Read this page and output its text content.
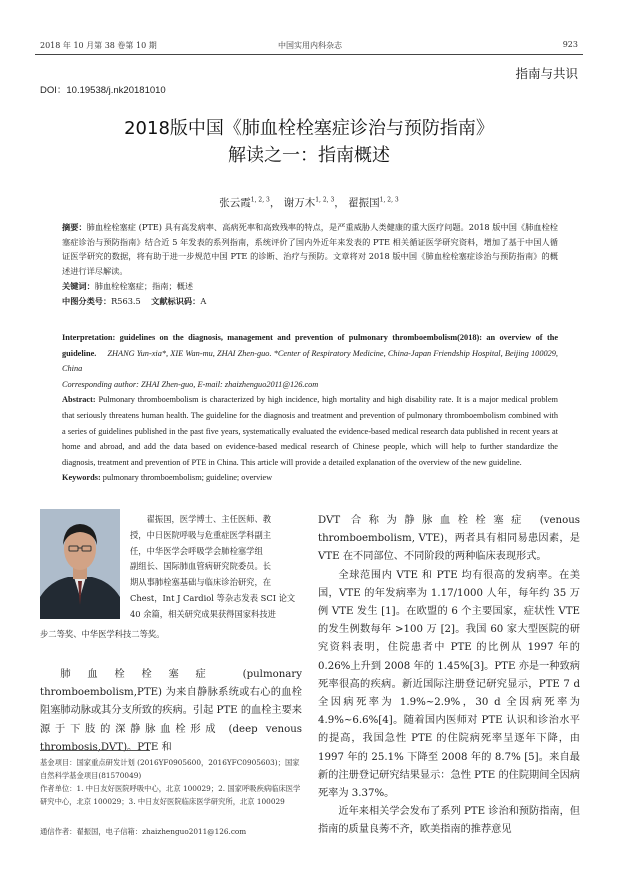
2018 年 10 月第 38 卷第 10 期	中国实用内科杂志	923
指南与共识
DOI：10.19538/j.nk20181010
2018版中国《肺血栓栓塞症诊治与预防指南》
解读之一：指南概述
张云霞$^{1, 2, 3}$， 谢万木$^{1, 2, 3}$， 翟振国$^{1, 2, 3}$
摘要：肺血栓栓塞症 (PTE) 具有高发病率、高病死率和高致残率的特点，是严重威胁人类健康的重大医疗问题。2018 版中国《肺血栓栓塞症诊治与预防指南》结合近 5 年发表的系列指南，系统评价了国内外近年来发表的 PTE 相关循证医学研究资料，增加了基于中国人循证医学研究的数据，将有助于进一步规范中国 PTE 的诊断、治疗与预防。文章将对 2018 版中国《肺血栓栓塞症诊治与预防指南》的概述进行详尽解读。
关键词：肺血栓栓塞症；指南；概述
中图分类号：R563.5 文献标识码：A
Interpretation: guidelines on the diagnosis, management and prevention of pulmonary thromboembolism(2018): an overview of the guideline. ZHANG Yun-xia*, XIE Wan-mu, ZHAI Zhen-guo. *Center of Respiratory Medicine, China-Japan Friendship Hospital, Beijing 100029, China
Corresponding author: ZHAI Zhen-guo, E-mail: zhaizhenguo2011@126.com
Abstract: Pulmonary thromboembolism is characterized by high incidence, high mortality and high disability rate. It is a major medical problem that seriously threatens human health. The guideline for the diagnosis and treatment and prevention of pulmonary thromboembolism combined with a series of guidelines published in the past five years, systematically evaluated the evidence-based medical research data published in recent years at home and abroad, and add the data based on evidence-based medical research of Chinese people, which will help to further standardize the diagnosis, treatment and prevention of PTE in China. This article will provide a detailed explanation of the overview of the new guideline.
Keywords: pulmonary thromboembolism; guideline; overview
翟振国，医学博士、主任医师、教
授，中日医院呼吸与危重症医学科副主
任，中华医学会呼吸学会肺栓塞学组
副组长、国际肺血管病研究院委员。长
期从事肺栓塞基础与临床诊治研究，在
Chest，Int J Cardiol 等杂志发表 SCI 论文
40 余篇，相关研究成果获得国家科技进
步二等奖、中华医学科技二等奖。

肺血栓栓塞症 (pulmonary thromboembolism,PTE) 为来自静脉系统或右心的血栓阻塞肺动脉或其分支所致的疾病。引起 PTE 的血栓主要来源于下肢的深静脉血栓形成 (deep venous thrombosis,DVT)。PTE 和

基金项目：国家重点研发计划 (2016YF0905600，2016YFC0905603)；国家自然科学基金项目(81570049)
作者单位：1. 中日友好医院呼吸中心，北京 100029；2. 国家呼吸疾病临床医学研究中心，北京 100029；3. 中日友好医院临床医学研究所，北京 100029
通信作者：翟振国，电子信箱：zhaizhenguo2011@126.com

DVT 合称为静脉血栓栓塞症 (venous thromboembolism, VTE)，两者具有相同易患因素，是 VTE 在不同部位、不同阶段的两种临床表现形式。

全球范围内 VTE 和 PTE 均有很高的发病率。在美国，VTE 的年发病率为 1.17/1000 人年，每年约 35 万例 VTE 发生 [1]。在欧盟的 6 个主要国家，症状性 VTE 的发生例数每年 >100 万 [2]。我国 60 家大型医院的研究资料表明，住院患者中 PTE 的比例从 1997 年的 0.26%上升到 2008 年的 1.45%[3]。PTE 亦是一种致病死率很高的疾病。新近国际注册登记研究显示，PTE 7 d 全因病死率为 1.9%~2.9%，30 d 全因病死率为 4.9%~6.6%[4]。随着国内医师对 PTE 认识和诊治水平的提高，我国急性 PTE 的住院病死率呈逐年下降，由 1997 年的 25.1% 下降至 2008 年的 8.7% [5]。来自最新的注册登记研究结果显示：急性 PTE 的住院期间全因病死率为 3.37%。

近年来相关学会发布了系列 PTE 诊治和预防指南，但指南的质量良莠不齐，欧美指南的推荐意见
